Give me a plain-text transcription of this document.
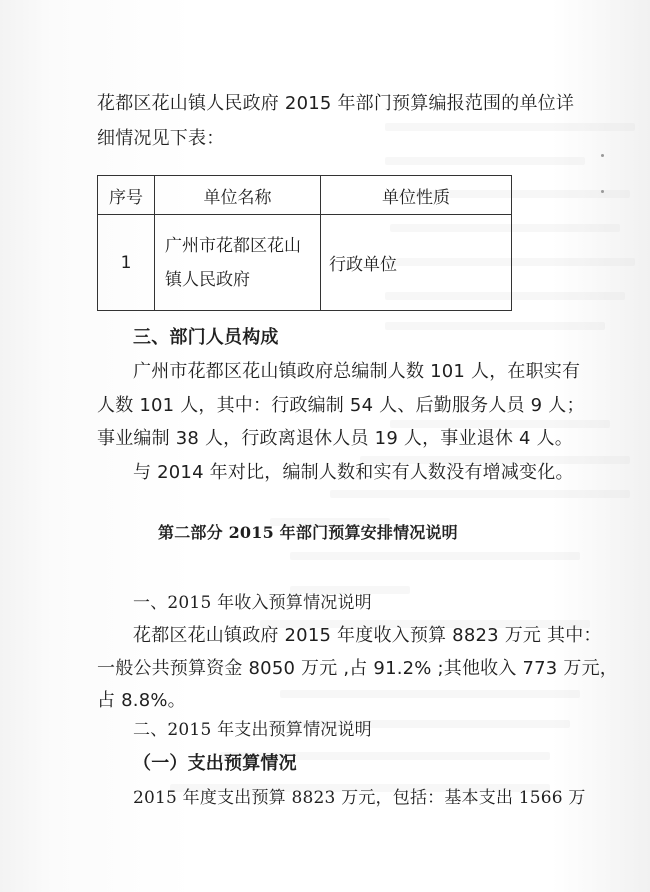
花都区花山镇人民政府 2015 年部门预算编报范围的单位详
细情况见下表：
序号	单位名称	单位性质
1	广州市花都区花山
镇人民政府	行政单位
三、部门人员构成
广州市花都区花山镇政府总编制人数 101 人，在职实有
人数 101 人，其中：行政编制 54 人、后勤服务人员 9 人；
事业编制 38 人，行政离退休人员 19 人，事业退休 4 人。
与 2014 年对比，编制人数和实有人数没有增减变化。
第二部分 2015 年部门预算安排情况说明
一、2015 年收入预算情况说明
花都区花山镇政府 2015 年度收入预算 8823 万元 其中：
一般公共预算资金 8050 万元 ,占 91.2% ;其他收入 773 万元，
占 8.8%。
二、2015 年支出预算情况说明
（一）支出预算情况
2015 年度支出预算 8823 万元，包括：基本支出 1566 万
